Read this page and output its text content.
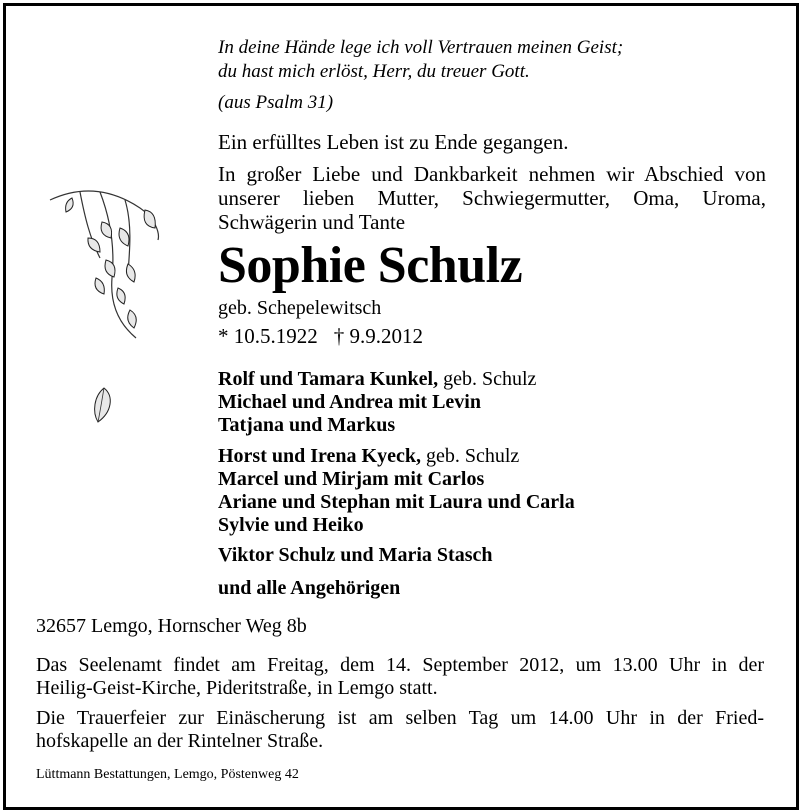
In deine Hände lege ich voll Vertrauen meinen Geist;
du hast mich erlöst, Herr, du treuer Gott.
(aus Psalm 31)
Ein erfülltes Leben ist zu Ende gegangen.
In großer Liebe und Dankbarkeit nehmen wir Abschied von
unserer lieben Mutter, Schwiegermutter, Oma, Uroma,
Schwägerin und Tante
Sophie Schulz
geb. Schepelewitsch
* 10.5.1922 † 9.9.2012
Rolf und Tamara Kunkel, geb. Schulz
Michael und Andrea mit Levin
Tatjana und Markus
Horst und Irena Kyeck, geb. Schulz
Marcel und Mirjam mit Carlos
Ariane und Stephan mit Laura und Carla
Sylvie und Heiko
Viktor Schulz und Maria Stasch
und alle Angehörigen
32657 Lemgo, Hornscher Weg 8b
Das Seelenamt findet am Freitag, dem 14. September 2012, um 13.00 Uhr in der
Heilig-Geist-Kirche, Pideritstraße, in Lemgo statt.
Die Trauerfeier zur Einäscherung ist am selben Tag um 14.00 Uhr in der Fried-
hofskapelle an der Rintelner Straße.
Lüttmann Bestattungen, Lemgo, Pöstenweg 42
